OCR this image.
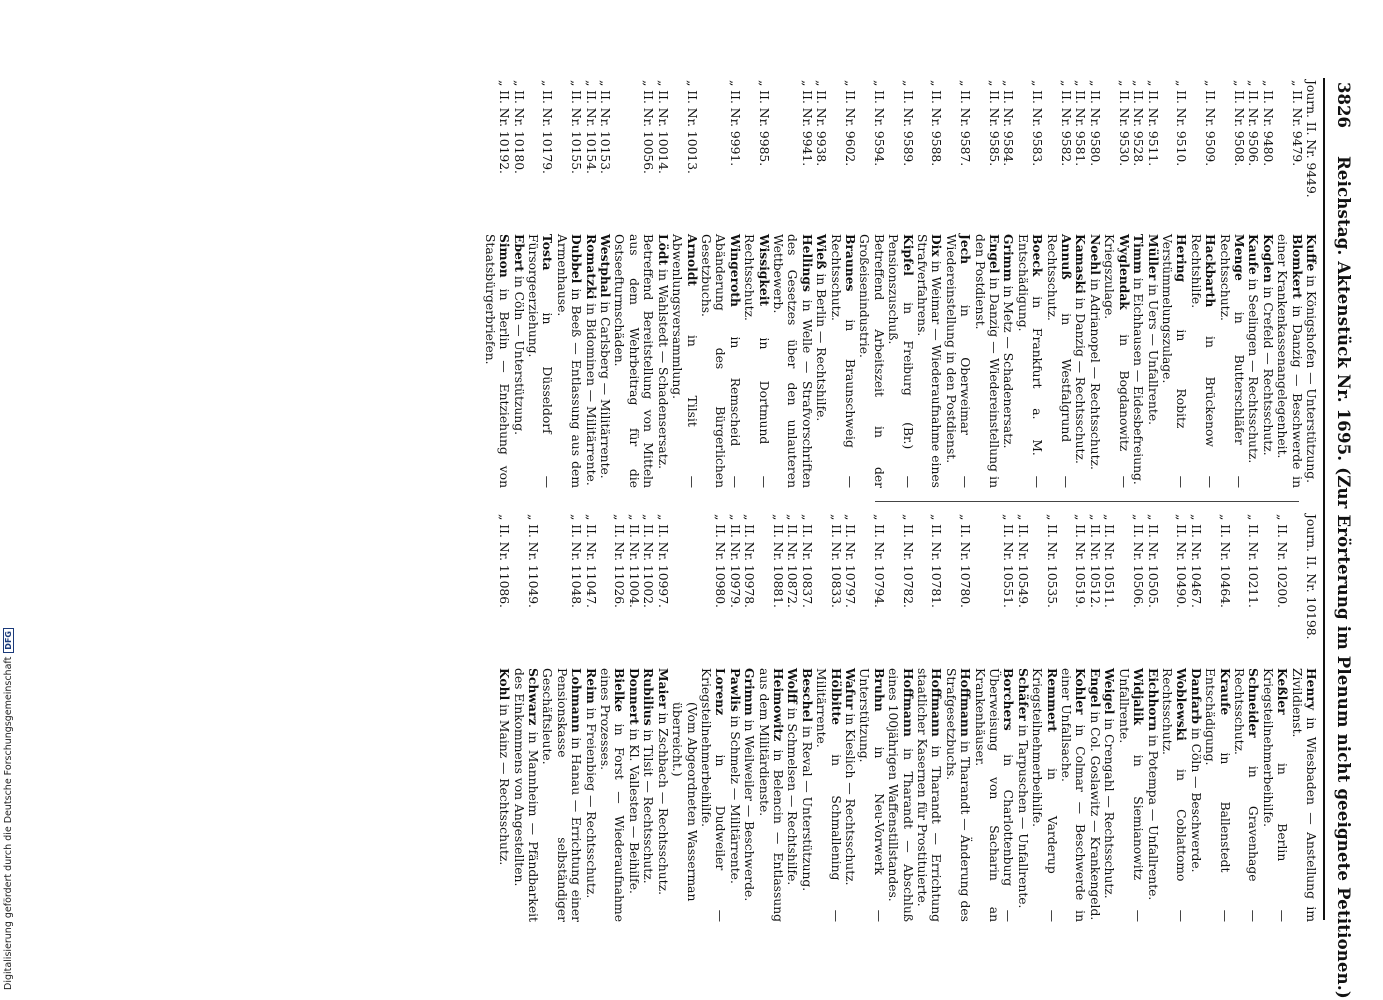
3826
Reichstag. Aktenstück Nr. 1695. (Zur Erörterung im Plenum nicht geeignete Petitionen.)
Journ. II. Nr. 9449.
Kuffe in Königshofen — Unterstützung.
„ II. Nr. 9479.
Blomkert in Danzig — Beschwerde in einer Krankenkassenangelegenheit.
„ II. Nr. 9480.
Koglen in Crefeld — Rechtsschutz.
„ II. Nr. 9506.
Kaufe in Seelingen — Rechtsschutz.
„ II. Nr. 9508.
Menge in Butterschläfer — Rechtsschutz.
„ II. Nr. 9509.
Hackbarth in Brückenow — Rechtshilfe.
„ II. Nr. 9510.
Hering in Robitz — Verstümmelungszulage.
„ II. Nr. 9511.
Müller in Uers — Unfallrente.
„ II. Nr. 9528.
Timm in Eichhausen — Eidesbefreiung.
„ II. Nr. 9530.
Wyglendak in Bogdanowitz — Kriegszulage.
„ II. Nr. 9580.
Noehl in Adrianopel — Rechtsschutz.
„ II. Nr. 9581.
Kamaski in Danzig — Rechtsschutz.
„ II. Nr. 9582.
Annuß in Westfalgrund — Rechtsschutz.
„ II. Nr. 9583.
Boeck in Frankfurt a. M. — Entschädigung.
„ II. Nr. 9584.
Grimm in Metz — Schadenersatz.
„ II. Nr. 9585.
Engel in Danzig — Wiedereinstellung in den Postdienst.
„ II. Nr. 9587.
Jech in Oberweimar — Wiedereinstellung in den Postdienst.
„ II. Nr. 9588.
Dix in Weimar — Wiederaufnahme eines Strafverfahrens.
„ II. Nr. 9589.
Kipfel in Freiburg (Br.) — Pensionszuschuß.
„ II. Nr. 9594.
Betreffend Arbeitszeit in der Großeisenindustrie.
„ II. Nr. 9602.
Braunes in Braunschweig — Rechtsschutz.
„ II. Nr. 9938.
Wieß in Berlin — Rechtshilfe.
„ II. Nr. 9941.
Hellings in Welle — Strafvorschriften des Gesetzes über den unlauteren Wettbewerb.
„ II. Nr. 9985.
Wissigkeit in Dortmund — Rechtsschutz.
„ II. Nr. 9991.
Wingeroth in Remscheid — Abänderung des Bürgerlichen Gesetzbuchs.
„ II. Nr. 10013.
Arnoldt in Tilsit — Abwenlungsversammlung.
„ II. Nr. 10014.
Lödt in Wahlstedt — Schadensersatz.
„ II. Nr. 10056.
Betreffend Bereitstellung von Mitteln aus dem Wehrbeitrag für die Ostseefturmschäden.
„ II. Nr. 10153.
Westphal in Carlsberg — Militärrente.
„ II. Nr. 10154.
Romatzki in Bidominen — Militärrente.
„ II. Nr. 10155.
Dubbel in Beeß — Entlassung aus dem Armenhause.
„ II. Nr. 10179.
Tosta in Düsseldorf — Fürsorgeerziehung.
„ II. Nr. 10180.
Ebert in Cöln — Unterstützung.
„ II. Nr. 10192.
Simon in Berlin — Entziehung von Staatsbürgerbriefen.
Journ. II. Nr. 10198.
Henry in Wiesbaden — Anstellung im Zivildienst.
„ II. Nr. 10200.
Keßler in Berlin — Kriegsteilnehmerbeihilfe.
„ II. Nr. 10211.
Schneider in Gravenhage — Rechtsschutz.
„ II. Nr. 10464.
Kraufe in Ballenstedt — Entschädigung.
„ II. Nr. 10467.
Danfarb in Cöln — Beschwerde.
„ II. Nr. 10490.
Woblewski in Coblattomo — Rechtsschutz.
„ II. Nr. 10505.
Eichhorn in Potempa — Unfallrente.
„ II. Nr. 10506.
Widjalik in Siemianowitz — Unfallrente.
„ II. Nr. 10511.
Weigel in Crengahl — Rechtsschutz.
„ II. Nr. 10512.
Engel in Col. Goslawitz — Krankengeld.
„ II. Nr. 10519.
Kohler in Colmar — Beschwerde in einer Unfallsache.
„ II. Nr. 10535.
Remmert in Varderup — Kriegsteilnehmerbeihilfe.
„ II. Nr. 10549.
Schäfer in Tarpuschen — Unfallrente.
„ II. Nr. 10551.
Borchers in Charlottenburg — Überweisung von Sacharin an Krankenhäuser.
„ II. Nr. 10780.
Hoffmann in Tharandt — Änderung des Strafgesetzbuchs.
„ II. Nr. 10781.
Hoffmann in Tharandt — Errichtung staatlicher Kasernen für Prostituierte.
„ II. Nr. 10782.
Hoffmann in Tharandt — Abschluß eines 100jährigen Waffenstillstandes.
„ II. Nr. 10794.
Bruhn in Neu-Vorwerk — Unterstützung.
„ II. Nr. 10797.
Wafur in Kieslich — Rechtsschutz.
„ II. Nr. 10833.
Hölbitte in Schmallening — Militärrente.
„ II. Nr. 10837.
Beschel in Reval — Unterstützung.
„ II. Nr. 10872.
Wolff in Schmelsen — Rechtshilfe.
„ II. Nr. 10881.
Heimowitz in Belencin — Entlassung aus dem Militärdienste.
„ II. Nr. 10978.
Grimm in Weilweiler — Beschwerde.
„ II. Nr. 10979.
Pawlis in Schmelz — Militärrente.
„ II. Nr. 10980.
Lorenz in Dudweiler — Kriegsteilnehmerbeihilfe.
(Vom Abgeordneten Wasserman überreicht.)
„ II. Nr. 10997.
Maier in Zschbach — Rechtsschutz.
„ II. Nr. 11002.
Rubilius in Tilsit — Rechtsschutz.
„ II. Nr. 11004.
Donnert in Kl. Vallesten — Beihilfe.
„ II. Nr. 11026.
Bielke in Forst — Wiederaufnahme eines Prozesses.
„ II. Nr. 11047.
Reim in Freienbieg — Rechtsschutz.
„ II. Nr. 11048.
Lohmann in Hanau — Errichtung einer Pensionskasse selbständiger Geschäftsleute.
„ II. Nr. 11049.
Schwarz in Mannheim — Pfändbarkeit des Einkommens von Angestellten.
„ II. Nr. 11086.
Kohl in Mainz — Rechtsschutz.
Digitalisierung gefördert durch die Deutsche ForschungsgemeinschaftDFG
